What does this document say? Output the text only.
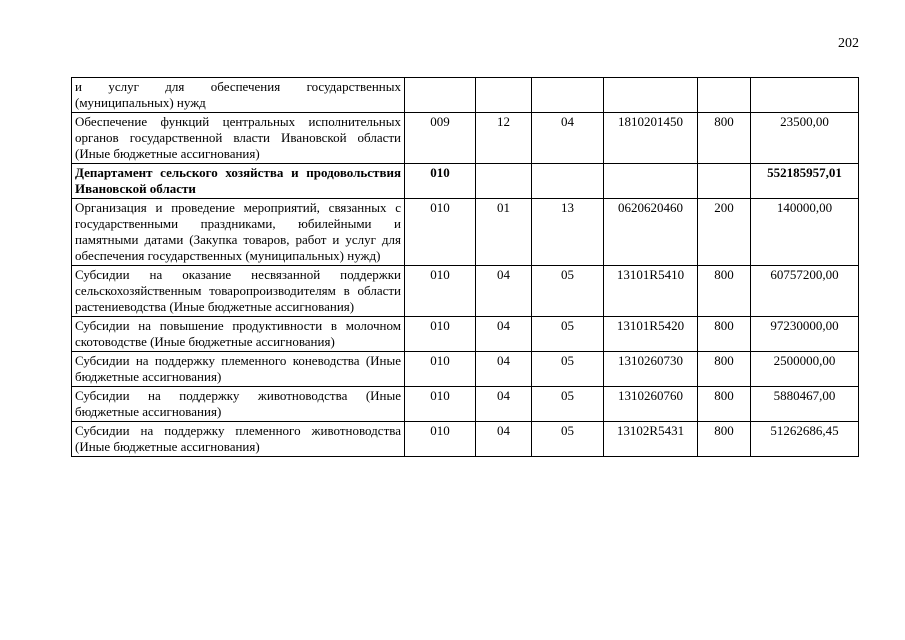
202
и услуг для обеспечения государственных (муниципальных) нужд						
Обеспечение функций центральных исполнительных органов государственной власти Ивановской области (Иные бюджетные ассигнования)	009	12	04	1810201450	800	23500,00
Департамент сельского хозяйства и продовольствия Ивановской области	010					552185957,01
Организация и проведение мероприятий, связанных с государственными праздниками, юбилейными и памятными датами (Закупка товаров, работ и услуг для обеспечения государственных (муниципальных) нужд)	010	01	13	0620620460	200	140000,00
Субсидии на оказание несвязанной поддержки сельскохозяйственным товаропроизводителям в области растениеводства (Иные бюджетные ассигнования)	010	04	05	13101R5410	800	60757200,00
Субсидии на повышение продуктивности в молочном скотоводстве (Иные бюджетные ассигнования)	010	04	05	13101R5420	800	97230000,00
Субсидии на поддержку племенного коневодства (Иные бюджетные ассигнования)	010	04	05	1310260730	800	2500000,00
Субсидии на поддержку животноводства (Иные бюджетные ассигнования)	010	04	05	1310260760	800	5880467,00
Субсидии на поддержку племенного животноводства (Иные бюджетные ассигнования)	010	04	05	13102R5431	800	51262686,45
